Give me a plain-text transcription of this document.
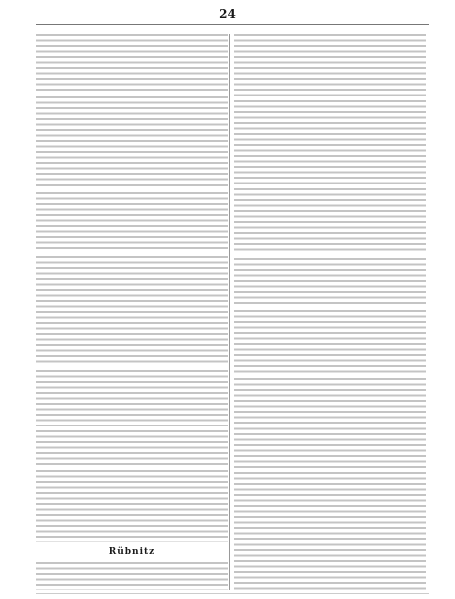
24
Rübnitz
